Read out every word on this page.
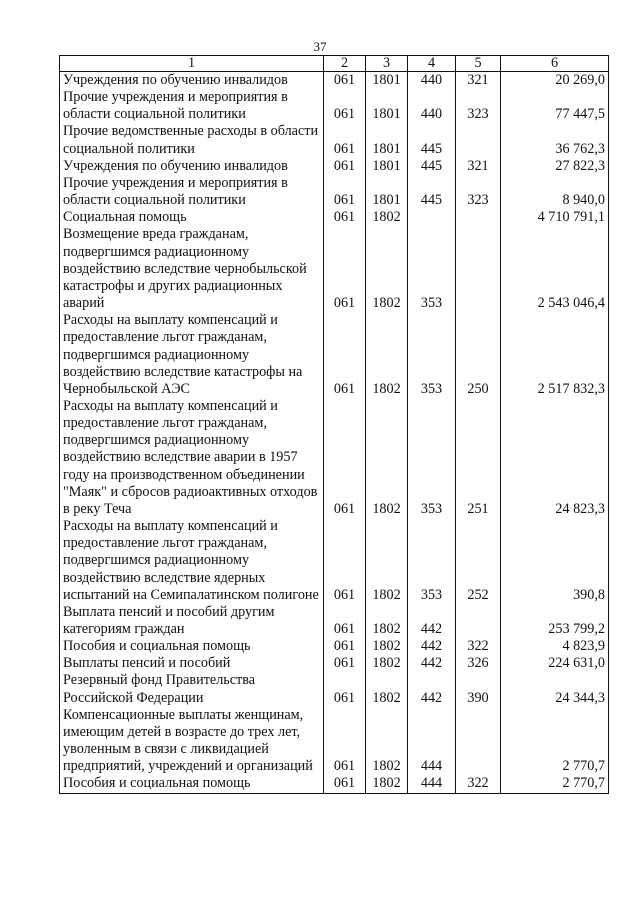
37
1	2	3	4	5	6
Учреждения по обучению инвалидов	061	1801	440	321	20 269,0
Прочие учреждения и мероприятия в области социальной политики	061	1801	440	323	77 447,5
Прочие ведомственные расходы в области социальной политики	061	1801	445		36 762,3
Учреждения по обучению инвалидов	061	1801	445	321	27 822,3
Прочие учреждения и мероприятия в области социальной политики	061	1801	445	323	8 940,0
Социальная помощь	061	1802			4 710 791,1
Возмещение вреда гражданам, подвергшимся радиационному воздействию вследствие чернобыльской катастрофы и других радиационных аварий	061	1802	353		2 543 046,4
Расходы на выплату компенсаций и предоставление льгот гражданам, подвергшимся радиационному воздействию вследствие катастрофы на Чернобыльской АЭС	061	1802	353	250	2 517 832,3
Расходы на выплату компенсаций и предоставление льгот гражданам, подвергшимся радиационному воздействию вследствие аварии в 1957 году на производственном объединении "Маяк" и сбросов радиоактивных отходов в реку Теча	061	1802	353	251	24 823,3
Расходы на выплату компенсаций и предоставление льгот гражданам, подвергшимся радиационному воздействию вследствие ядерных испытаний на Семипалатинском полигоне	061	1802	353	252	390,8
Выплата пенсий и пособий другим категориям граждан	061	1802	442		253 799,2
Пособия и социальная помощь	061	1802	442	322	4 823,9
Выплаты пенсий и пособий	061	1802	442	326	224 631,0
Резервный фонд Правительства Российской Федерации	061	1802	442	390	24 344,3
Компенсационные выплаты женщинам, имеющим детей в возрасте до трех лет, уволенным в связи с ликвидацией предприятий, учреждений и организаций	061	1802	444		2 770,7
Пособия и социальная помощь	061	1802	444	322	2 770,7
